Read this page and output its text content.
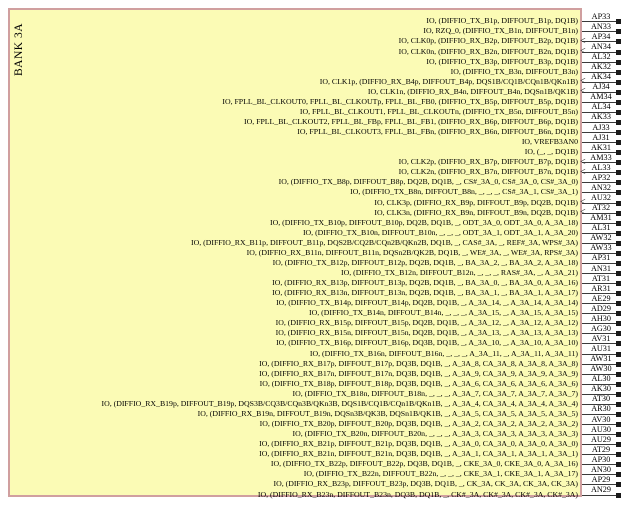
BANK 3A
IO, (DIFFIO_TX_B1p, DIFFOUT_B1p, DQ1B)
IO, RZQ_0, (DIFFIO_TX_B1n, DIFFOUT_B1n)
IO, CLK0p, (DIFFIO_RX_B2p, DIFFOUT_B2p, DQ1B)
IO, CLK0n, (DIFFIO_RX_B2n, DIFFOUT_B2n, DQ1B)
IO, (DIFFIO_TX_B3p, DIFFOUT_B3p, DQ1B)
IO, (DIFFIO_TX_B3n, DIFFOUT_B3n)
IO, CLK1p, (DIFFIO_RX_B4p, DIFFOUT_B4p, DQS1B/CQ1B/CQn1B/QKn1B)
IO, CLK1n, (DIFFIO_RX_B4n, DIFFOUT_B4n, DQSn1B/QK1B)
IO, FPLL_BL_CLKOUT0, FPLL_BL_CLKOUTp, FPLL_BL_FB0, (DIFFIO_TX_B5p, DIFFOUT_B5p, DQ1B)
IO, FPLL_BL_CLKOUT1, FPLL_BL_CLKOUTn, (DIFFIO_TX_B5n, DIFFOUT_B5n)
IO, FPLL_BL_CLKOUT2, FPLL_BL_FBp, FPLL_BL_FB1, (DIFFIO_RX_B6p, DIFFOUT_B6p, DQ1B)
IO, FPLL_BL_CLKOUT3, FPLL_BL_FBn, (DIFFIO_RX_B6n, DIFFOUT_B6n, DQ1B)
IO, VREFB3AN0
IO, (_, _, DQ1B)
IO, CLK2p, (DIFFIO_RX_B7p, DIFFOUT_B7p, DQ1B)
IO, CLK2n, (DIFFIO_RX_B7n, DIFFOUT_B7n, DQ1B)
IO, (DIFFIO_TX_B8p, DIFFOUT_B8p, DQ2B, DQ1B, _, CS#_3A_0, CS#_3A_0, CS#_3A_0)
IO, (DIFFIO_TX_B8n, DIFFOUT_B8n, _, _, _, CS#_3A_1, CS#_3A_1)
IO, CLK3p, (DIFFIO_RX_B9p, DIFFOUT_B9p, DQ2B, DQ1B)
IO, CLK3n, (DIFFIO_RX_B9n, DIFFOUT_B9n, DQ2B, DQ1B)
IO, (DIFFIO_TX_B10p, DIFFOUT_B10p, DQ2B, DQ1B, _, ODT_3A_0, ODT_3A_0, A_3A_18)
IO, (DIFFIO_TX_B10n, DIFFOUT_B10n, _, _, _, ODT_3A_1, ODT_3A_1, A_3A_20)
IO, (DIFFIO_RX_B11p, DIFFOUT_B11p, DQS2B/CQ2B/CQn2B/QKn2B, DQ1B, _, CAS#_3A, _, REF#_3A, WPS#_3A)
IO, (DIFFIO_RX_B11n, DIFFOUT_B11n, DQSn2B/QK2B, DQ1B, _, WE#_3A, _, WE#_3A, RPS#_3A)
IO, (DIFFIO_TX_B12p, DIFFOUT_B12p, DQ2B, DQ1B, _, BA_3A_2, _, BA_3A_2, A_3A_18)
IO, (DIFFIO_TX_B12n, DIFFOUT_B12n, _, _, _, RAS#_3A, _, A_3A_21)
IO, (DIFFIO_RX_B13p, DIFFOUT_B13p, DQ2B, DQ1B, _, BA_3A_0, _, BA_3A_0, A_3A_16)
IO, (DIFFIO_RX_B13n, DIFFOUT_B13n, DQ2B, DQ1B, _, BA_3A_1, _, BA_3A_1, A_3A_17)
IO, (DIFFIO_TX_B14p, DIFFOUT_B14p, DQ2B, DQ1B, _, A_3A_14, _, A_3A_14, A_3A_14)
IO, (DIFFIO_TX_B14n, DIFFOUT_B14n, _, _, _, A_3A_15, _, A_3A_15, A_3A_15)
IO, (DIFFIO_RX_B15p, DIFFOUT_B15p, DQ2B, DQ1B, _, A_3A_12, _, A_3A_12, A_3A_12)
IO, (DIFFIO_RX_B15n, DIFFOUT_B15n, DQ2B, DQ1B, _, A_3A_13, _, A_3A_13, A_3A_13)
IO, (DIFFIO_TX_B16p, DIFFOUT_B16p, DQ3B, DQ1B, _, A_3A_10, _, A_3A_10, A_3A_10)
IO, (DIFFIO_TX_B16n, DIFFOUT_B16n, _, _, _, A_3A_11, _, A_3A_11, A_3A_11)
IO, (DIFFIO_RX_B17p, DIFFOUT_B17p, DQ3B, DQ1B, _, A_3A_8, CA_3A_8, A_3A_8, A_3A_8)
IO, (DIFFIO_RX_B17n, DIFFOUT_B17n, DQ3B, DQ1B, _, A_3A_9, CA_3A_9, A_3A_9, A_3A_9)
IO, (DIFFIO_TX_B18p, DIFFOUT_B18p, DQ3B, DQ1B, _, A_3A_6, CA_3A_6, A_3A_6, A_3A_6)
IO, (DIFFIO_TX_B18n, DIFFOUT_B18n, _, _, _, A_3A_7, CA_3A_7, A_3A_7, A_3A_7)
IO, (DIFFIO_RX_B19p, DIFFOUT_B19p, DQS3B/CQ3B/CQn3B/QKn3B, DQS1B/CQ1B/CQn1B/QKn1B, _, A_3A_4, CA_3A_4, A_3A_4, A_3A_4)
IO, (DIFFIO_RX_B19n, DIFFOUT_B19n, DQSn3B/QK3B, DQSn1B/QK1B, _, A_3A_5, CA_3A_5, A_3A_5, A_3A_5)
IO, (DIFFIO_TX_B20p, DIFFOUT_B20p, DQ3B, DQ1B, _, A_3A_2, CA_3A_2, A_3A_2, A_3A_2)
IO, (DIFFIO_TX_B20n, DIFFOUT_B20n, _, _, _, A_3A_3, CA_3A_3, A_3A_3, A_3A_3)
IO, (DIFFIO_RX_B21p, DIFFOUT_B21p, DQ3B, DQ1B, _, A_3A_0, CA_3A_0, A_3A_0, A_3A_0)
IO, (DIFFIO_RX_B21n, DIFFOUT_B21n, DQ3B, DQ1B, _, A_3A_1, CA_3A_1, A_3A_1, A_3A_1)
IO, (DIFFIO_TX_B22p, DIFFOUT_B22p, DQ3B, DQ1B, _, CKE_3A_0, CKE_3A_0, A_3A_16)
IO, (DIFFIO_TX_B22n, DIFFOUT_B22n, _, _, _, CKE_3A_1, CKE_3A_1, A_3A_17)
IO, (DIFFIO_RX_B23p, DIFFOUT_B23p, DQ3B, DQ1B, _, CK_3A, CK_3A, CK_3A, CK_3A)
IO, (DIFFIO_RX_B23n, DIFFOUT_B23n, DQ3B, DQ1B, _, CK#_3A, CK#_3A, CK#_3A, CK#_3A)
AP33
AN33
AP34
< AN34
< AL32
AK32
AK34
< AJ34
< AM34
AL34
AK33
AJ33
AJ31
AK31
AM33
< AL33
< AP32
AN32
AU32
< AT32
< AM31
AL31
AW32
AW33
AP31
AN31
AT31
AR31
AE29
AD29
AH30
AG30
AV31
AU31
AW31
AW30
AL30
AK30
AT30
AR30
AV30
AU30
AU29
AT29
AP30
AN30
AP29
AN29
